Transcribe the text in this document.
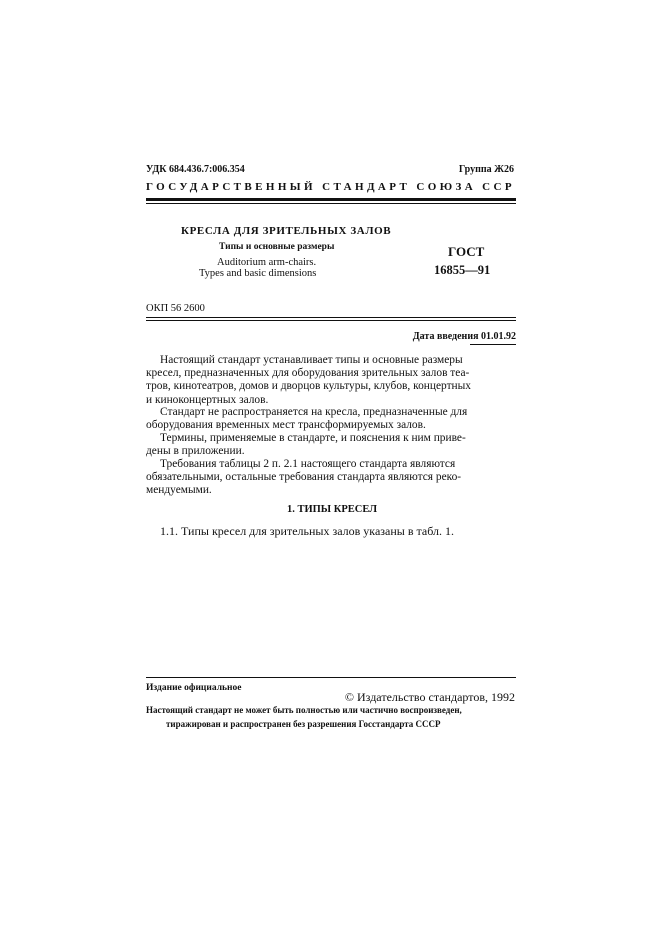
УДК 684.436.7:006.354	Группа Ж26
ГОСУДАРСТВЕННЫЙ СТАНДАРТ СОЮЗА ССР
КРЕСЛА ДЛЯ ЗРИТЕЛЬНЫХ ЗАЛОВ
Типы и основные размеры
Auditorium arm-chairs.
Types and basic dimensions
ГОСТ
16855—91
ОКП 56 2600
Дата введения 01.01.92
Настоящий стандарт устанавливает типы и основные размеры
кресел, предназначенных для оборудования зрительных залов теа-
тров, кинотеатров, домов и дворцов культуры, клубов, концертных
и киноконцертных залов.
Стандарт не распространяется на кресла, предназначенные для
оборудования временных мест трансформируемых залов.
Термины, применяемые в стандарте, и пояснения к ним приве-
дены в приложении.
Требования таблицы 2 п. 2.1 настоящего стандарта являются
обязательными, остальные требования стандарта являются реко-
мендуемыми.
1. ТИПЫ КРЕСЕЛ
1.1. Типы кресел для зрительных залов указаны в табл. 1.
Издание официальное
© Издательство стандартов, 1992
Настоящий стандарт не может быть полностью или частично воспроизведен,
тиражирован и распространен без разрешения Госстандарта СССР
